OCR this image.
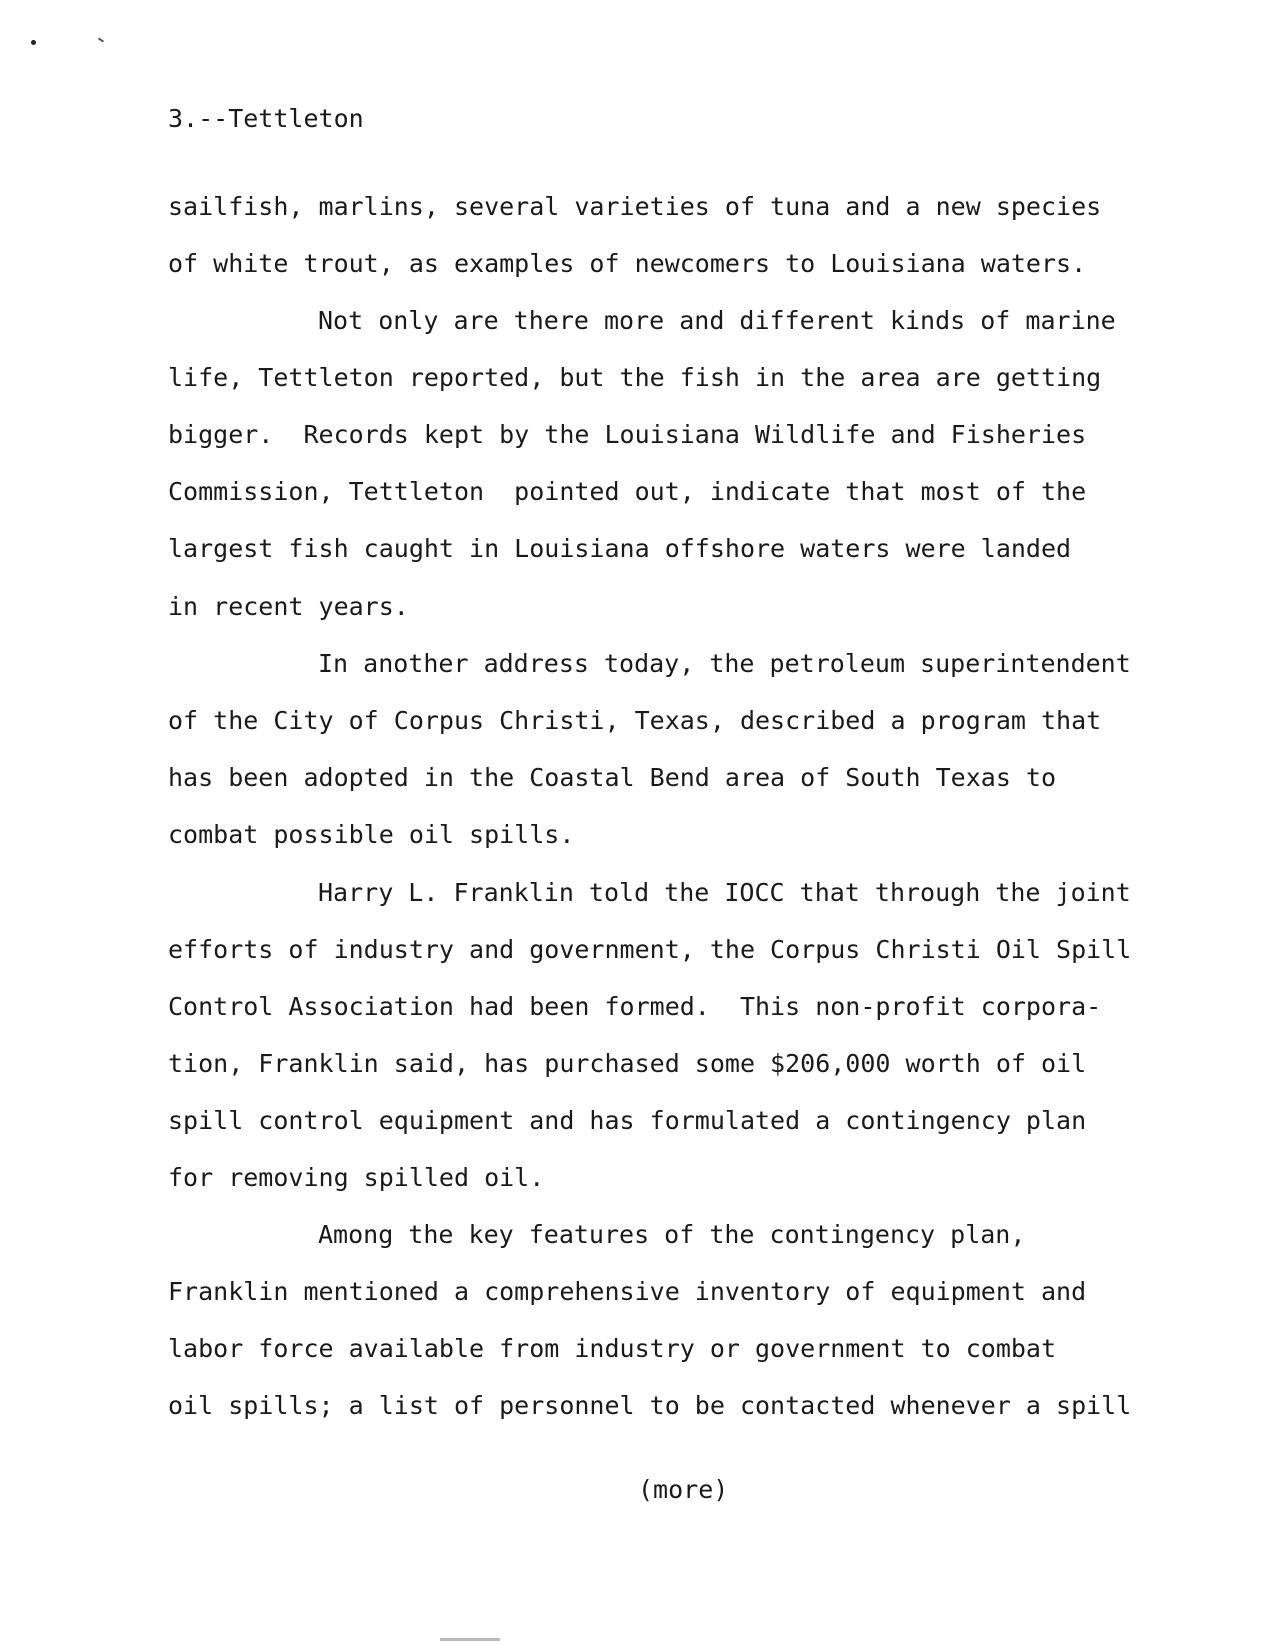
3.--Tettleton
sailfish, marlins, several varieties of tuna and a new species
of white trout, as examples of newcomers to Louisiana waters.
Not only are there more and different kinds of marine
life, Tettleton reported, but the fish in the area are getting
bigger.  Records kept by the Louisiana Wildlife and Fisheries
Commission, Tettleton  pointed out, indicate that most of the
largest fish caught in Louisiana offshore waters were landed
in recent years.
In another address today, the petroleum superintendent
of the City of Corpus Christi, Texas, described a program that
has been adopted in the Coastal Bend area of South Texas to
combat possible oil spills.
Harry L. Franklin told the IOCC that through the joint
efforts of industry and government, the Corpus Christi Oil Spill
Control Association had been formed.  This non-profit corpora-
tion, Franklin said, has purchased some $206,000 worth of oil
spill control equipment and has formulated a contingency plan
for removing spilled oil.
Among the key features of the contingency plan,
Franklin mentioned a comprehensive inventory of equipment and
labor force available from industry or government to combat
oil spills; a list of personnel to be contacted whenever a spill
(more)
